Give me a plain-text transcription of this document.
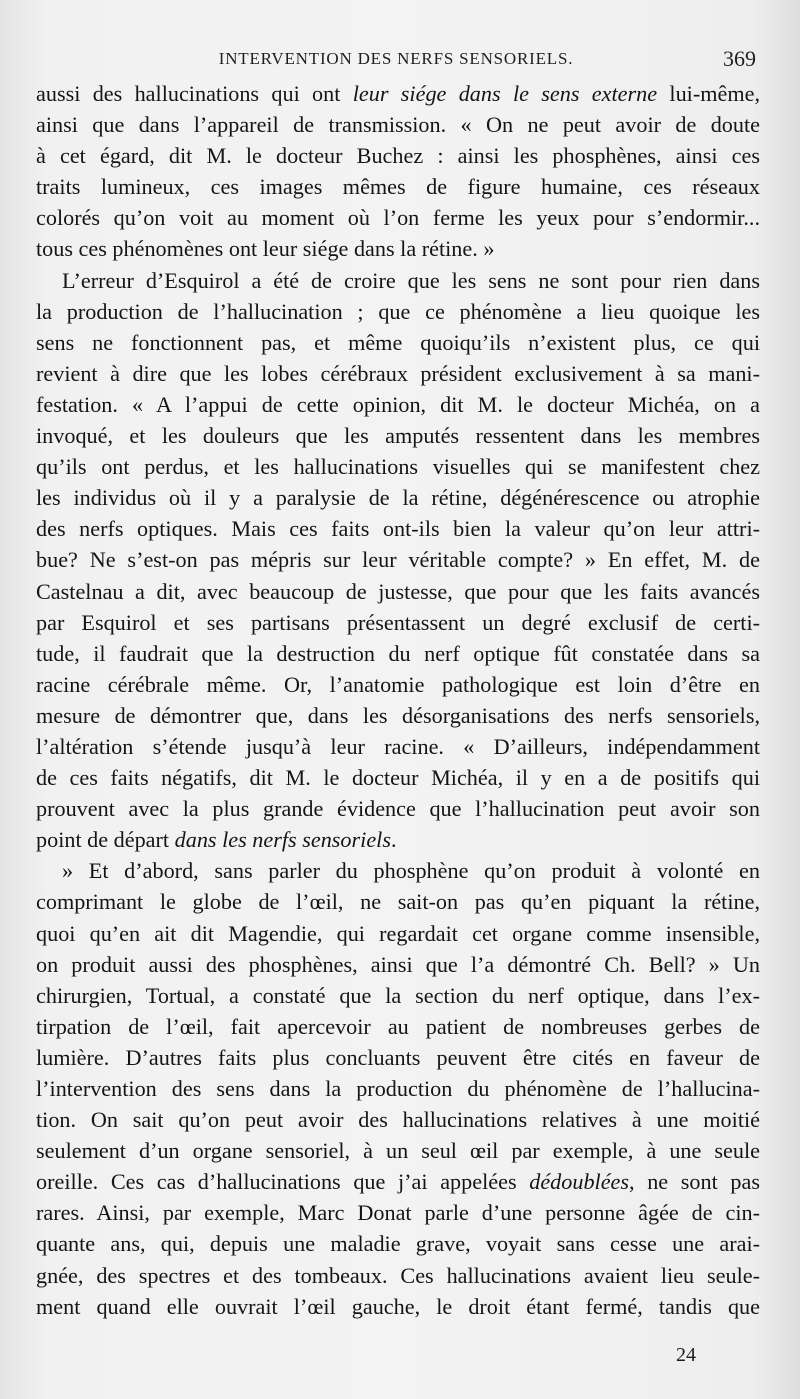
INTERVENTION DES NERFS SENSORIELS.	369
aussi des hallucinations qui ont leur siége dans le sens externe lui-même,
ainsi que dans l’appareil de transmission. « On ne peut avoir de doute
à cet égard, dit M. le docteur Buchez : ainsi les phosphènes, ainsi ces
traits lumineux, ces images mêmes de figure humaine, ces réseaux
colorés qu’on voit au moment où l’on ferme les yeux pour s’endormir...
tous ces phénomènes ont leur siége dans la rétine. »
L’erreur d’Esquirol a été de croire que les sens ne sont pour rien dans
la production de l’hallucination ; que ce phénomène a lieu quoique les
sens ne fonctionnent pas, et même quoiqu’ils n’existent plus, ce qui
revient à dire que les lobes cérébraux président exclusivement à sa mani-
festation. « A l’appui de cette opinion, dit M. le docteur Michéa, on a
invoqué, et les douleurs que les amputés ressentent dans les membres
qu’ils ont perdus, et les hallucinations visuelles qui se manifestent chez
les individus où il y a paralysie de la rétine, dégénérescence ou atrophie
des nerfs optiques. Mais ces faits ont-ils bien la valeur qu’on leur attri-
bue? Ne s’est-on pas mépris sur leur véritable compte? » En effet, M. de
Castelnau a dit, avec beaucoup de justesse, que pour que les faits avancés
par Esquirol et ses partisans présentassent un degré exclusif de certi-
tude, il faudrait que la destruction du nerf optique fût constatée dans sa
racine cérébrale même. Or, l’anatomie pathologique est loin d’être en
mesure de démontrer que, dans les désorganisations des nerfs sensoriels,
l’altération s’étende jusqu’à leur racine. « D’ailleurs, indépendamment
de ces faits négatifs, dit M. le docteur Michéa, il y en a de positifs qui
prouvent avec la plus grande évidence que l’hallucination peut avoir son
point de départ dans les nerfs sensoriels.
» Et d’abord, sans parler du phosphène qu’on produit à volonté en
comprimant le globe de l’œil, ne sait-on pas qu’en piquant la rétine,
quoi qu’en ait dit Magendie, qui regardait cet organe comme insensible,
on produit aussi des phosphènes, ainsi que l’a démontré Ch. Bell? » Un
chirurgien, Tortual, a constaté que la section du nerf optique, dans l’ex-
tirpation de l’œil, fait apercevoir au patient de nombreuses gerbes de
lumière. D’autres faits plus concluants peuvent être cités en faveur de
l’intervention des sens dans la production du phénomène de l’hallucina-
tion. On sait qu’on peut avoir des hallucinations relatives à une moitié
seulement d’un organe sensoriel, à un seul œil par exemple, à une seule
oreille. Ces cas d’hallucinations que j’ai appelées dédoublées, ne sont pas
rares. Ainsi, par exemple, Marc Donat parle d’une personne âgée de cin-
quante ans, qui, depuis une maladie grave, voyait sans cesse une arai-
gnée, des spectres et des tombeaux. Ces hallucinations avaient lieu seule-
ment quand elle ouvrait l’œil gauche, le droit étant fermé, tandis que
24
